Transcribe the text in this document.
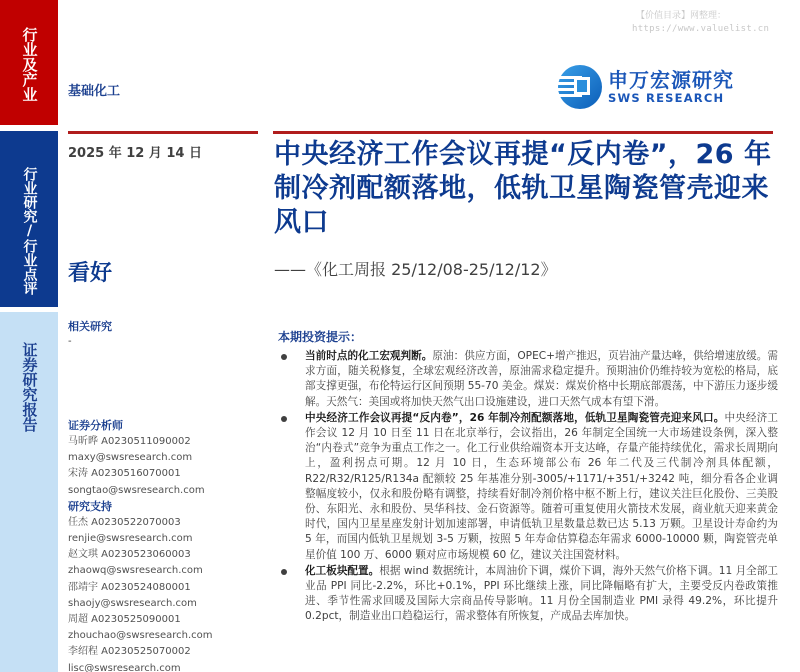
行业及产业
行业研究/行业点评
证券研究报告
【价值目录】网整理：
https://www.valuelist.cn
申万宏源研究
SWS RESEARCH
基础化工
2025 年 12 月 14 日
看好
相关研究
-
证券分析师
马昕晔 A0230511090002
maxy@swsresearch.com
宋涛 A0230516070001
songtao@swsresearch.com
研究支持
任杰 A0230522070003
renjie@swsresearch.com
赵文琪 A0230523060003
zhaowq@swsresearch.com
邵靖宇 A0230524080001
shaojy@swsresearch.com
周超 A0230525090001
zhouchao@swsresearch.com
李绍程 A0230525070002
lisc@swsresearch.com
中央经济工作会议再提“反内卷”，26 年制冷剂配额落地，低轨卫星陶瓷管壳迎来风口
——《化工周报 25/12/08-25/12/12》
本期投资提示：
当前时点的化工宏观判断。原油：供应方面，OPEC+增产推迟，页岩油产量达峰，供给增速放缓。需求方面，随关税修复，全球宏观经济改善，原油需求稳定提升。预期油价仍维持较为宽松的格局，底部支撑更强，布伦特运行区间预期 55-70 美金。煤炭：煤炭价格中长期底部震荡，中下游压力逐步缓解。天然气：美国或将加快天然气出口设施建设，进口天然气成本有望下滑。
中央经济工作会议再提“反内卷”，26 年制冷剂配额落地，低轨卫星陶瓷管壳迎来风口。中央经济工作会议 12 月 10 日至 11 日在北京举行，会议指出，26 年制定全国统一大市场建设条例，深入整治“内卷式”竞争为重点工作之一。化工行业供给端资本开支达峰，存量产能持续优化，需求长周期向上，盈利拐点可期。12 月 10 日，生态环境部公布 26 年二代及三代制冷剂具体配额，R22/R32/R125/R134a 配额较 25 年基准分别-3005/+1171/+351/+3242 吨，细分看各企业调整幅度较小，仅永和股份略有调整，持续看好制冷剂价格中枢不断上行，建议关注巨化股份、三美股份、东阳光、永和股份、昊华科技、金石资源等。随着可重复使用火箭技术发展，商业航天迎来黄金时代，国内卫星星座发射计划加速部署，申请低轨卫星数量总数已达 5.13 万颗。卫星设计寿命约为 5 年，而国内低轨卫星规划 3-5 万颗，按照 5 年寿命估算稳态年需求 6000-10000 颗，陶瓷管壳单星价值 100 万、6000 颗对应市场规模 60 亿，建议关注国瓷材料。
化工板块配置。根据 wind 数据统计，本周油价下调，煤价下调，海外天然气价格下调。11 月全部工业品 PPI 同比-2.2%，环比+0.1%，PPI 环比继续上涨，同比降幅略有扩大，主要受反内卷政策推进、季节性需求回暖及国际大宗商品传导影响。11 月份全国制造业 PMI 录得 49.2%，环比提升 0.2pct，制造业出口趋稳运行，需求整体有所恢复，产成品去库加快。
